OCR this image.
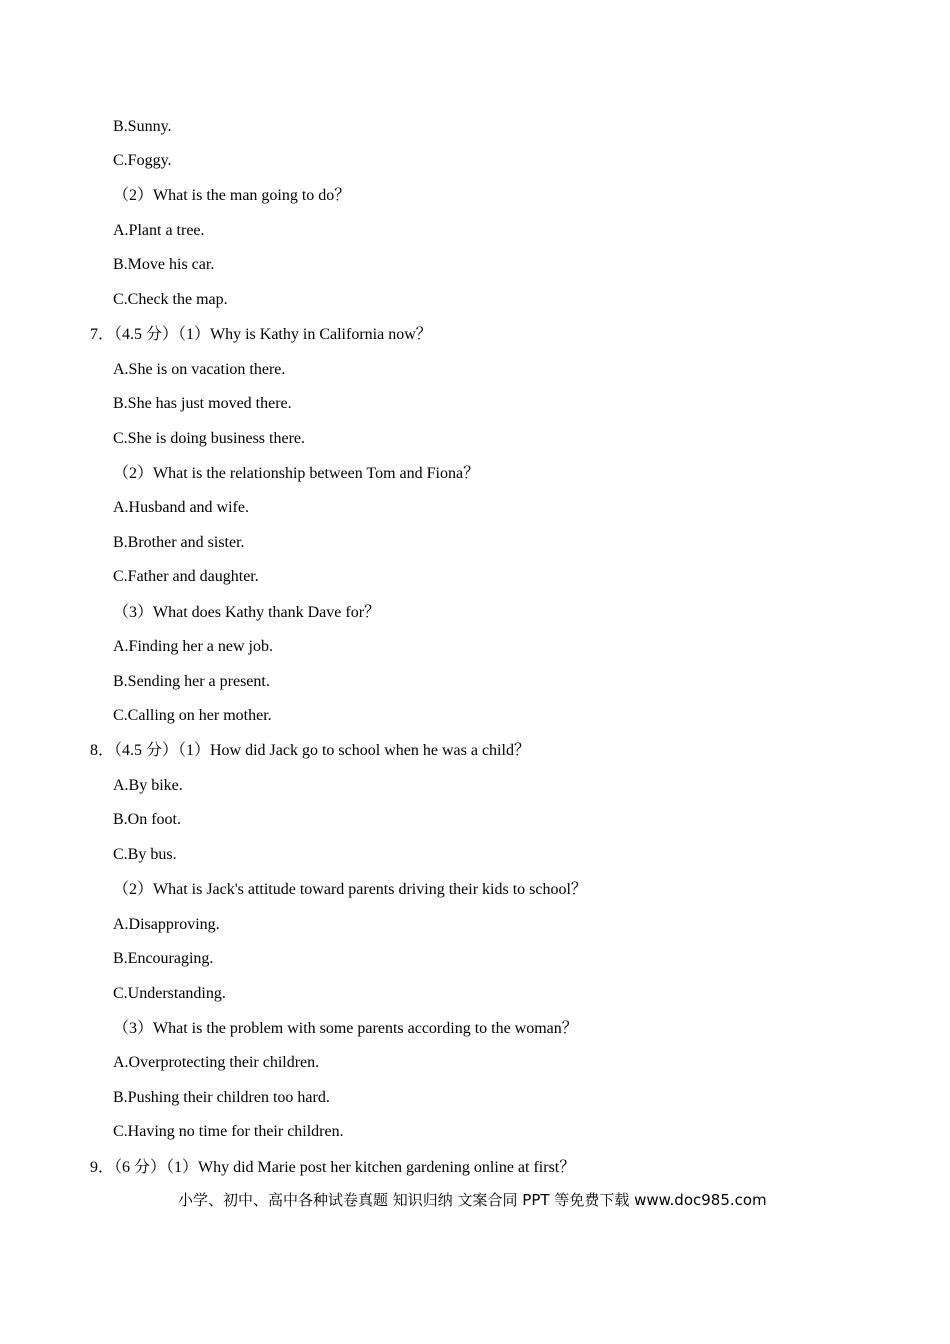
B.Sunny.
C.Foggy.
（2）What is the man going to do？
A.Plant a tree.
B.Move his car.
C.Check the map.
7．（4.5 分）（1）Why is Kathy in California now？
A.She is on vacation there.
B.She has just moved there.
C.She is doing business there.
（2）What is the relationship between Tom and Fiona？
A.Husband and wife.
B.Brother and sister.
C.Father and daughter.
（3）What does Kathy thank Dave for？
A.Finding her a new job.
B.Sending her a present.
C.Calling on her mother.
8．（4.5 分）（1）How did Jack go to school when he was a child？
A.By bike.
B.On foot.
C.By bus.
（2）What is Jack's attitude toward parents driving their kids to school？
A.Disapproving.
B.Encouraging.
C.Understanding.
（3）What is the problem with some parents according to the woman？
A.Overprotecting their children.
B.Pushing their children too hard.
C.Having no time for their children.
9．（6 分）（1）Why did Marie post her kitchen gardening online at first？
小学、初中、高中各种试卷真题 知识归纳 文案合同 PPT 等免费下载 www.doc985.com
